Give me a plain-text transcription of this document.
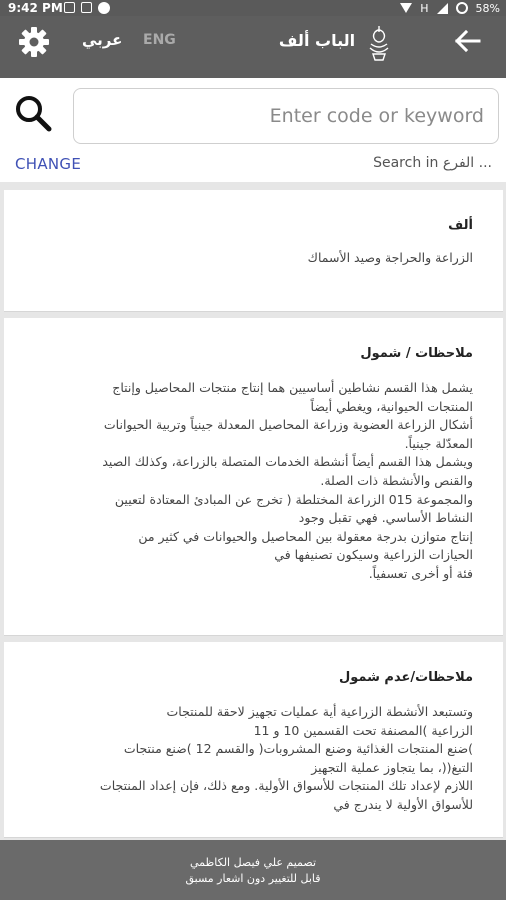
9:42 PM	H	58%
عربي ENG	الباب ألف
Enter code or keyword
CHANGE	Search in الفرع ...
ألف
الزراعة والحراجة وصيد الأسماك
ملاحظات / شمول
يشمل هذا القسم نشاطين أساسيين هما إنتاج منتجات المحاصيل وإنتاج
المنتجات الحيوانية، ويغطي أيضاً
أشكال الزراعة العضوية وزراعة المحاصيل المعدلة جينياً وتربية الحيوانات
المعدّلة جينياً.
ويشمل هذا القسم أيضاً أنشطة الخدمات المتصلة بالزراعة، وكذلك الصيد
والقنص والأنشطة ذات الصلة.
والمجموعة 015 الزراعة المختلطة ( تخرج عن المبادئ المعتادة لتعيين
النشاط الأساسي. فهي تقبل وجود
إنتاج متوازن بدرجة معقولة بين المحاصيل والحيوانات في كثير من
الحيازات الزراعية وسيكون تصنيفها في
فئة أو أخرى تعسفياً.
ملاحظات/عدم شمول
وتستبعد الأنشطة الزراعية أية عمليات تجهيز لاحقة للمنتجات
الزراعية )المصنفة تحت القسمين 10 و 11
)ضنع المنتجات الغذائية وضنع المشروبات( والقسم 12 )ضنع منتجات
التبغ((، بما يتجاوز عملية التجهيز
اللازم لإعداد تلك المنتجات للأسواق الأولية. ومع ذلك، فإن إعداد المنتجات
للأسواق الأولية لا يندرج في
تصميم علي فيصل الكاظمي
قابل للتغيير دون اشعار مسبق
